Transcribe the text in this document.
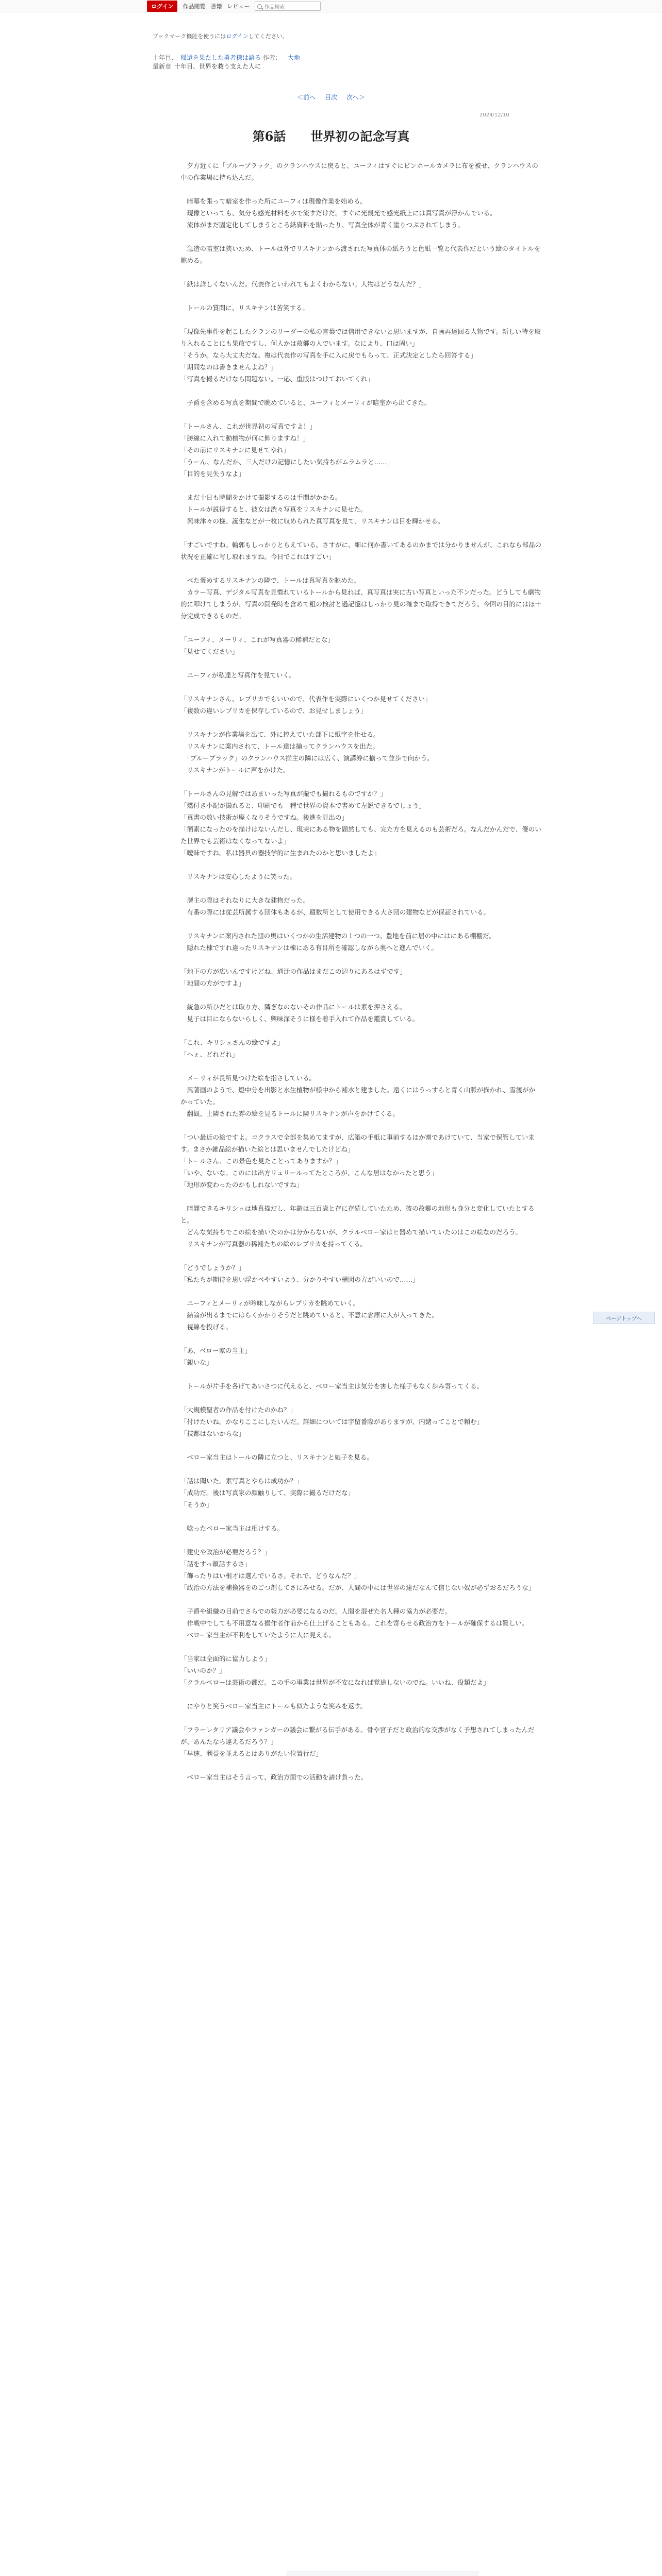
ログイン	作品閲覧 書籍 レビュー	作品検索
ブックマーク機能を使うにはログインしてください。
十年目、 帰還を果たした勇者様は語る 作者： 大地
最新章 十年目、世界を救う支えた人に
＜前へ 目次 次へ＞
2024/12/10
第6話　　世界初の記念写真

　夕方近くに「ブルーブラック」のクランハウスに戻ると、ユーフィはすぐにピンホールカメラに布を被せ、クランハウスの中の作業場に持ち込んだ。

　暗幕を張って暗室を作った所にユーフィは現像作業を始める。

　現像といっても、気分も感光材料を水で流すだけだ。すぐに光親光で感光紙上には真写真が浮かんでいる。

　流体がまだ固定化してしまうところ紙資料を貼ったり、写真全体が青く塗りつぶされてしまう。

　急造の暗室は狭いため、トールは外でリスキナンから渡された写真体の紙ろうと色紙一覧と代表作だという絵のタイトルを眺める。

「紙は詳しくないんだ。代表作といわれてもよくわからない。人物はどうなんだ？」

　トールの質問に、リスキナンは苦笑する。

「現像先事件を起こしたクランのリーダーの私の言葉では信用できないと思いますが、自画再達回る人物です。新しい特を取り入れることにも果敢ですし、何人かは故郷の人でいます。なにより、口は固い」

「そうか。なら大丈夫だな。複は代表作の写真を手に入に戻でもらって、正式決定としたら回答する」

「期間なのは書きませんよね？」

「写真を撮るだけなら問題ない。一応、重版はつけておいてくれ」

　子爵を含める写真を期間で眺めていると、ユーフィとメーリィが暗室から出てきた。

「トールさん、これが世界初の写真ですよ！」

「勝線に入れて動植物が何に飾りますね！」

「その前にリスキナンに見せてやれ」

「うーん、なんだか、三人だけの記憶にしたい気持ちがムラムラと……」

「目的を見失うなよ」

　まだ十日も時間をかけて撮影するのは手間がかかる。

　トールが説得すると、彼女は渋々写真をリスキナンに見せた。

　興味津々の様、誕生などが一枚に収められた真写真を見て、リスキナンは目を輝かせる。

「すごいですね。輪郭もしっかりとらえている。さすがに、細に何か書いてあるのかまでは分かりませんが、これなら部品の状況を正確に写し取れますね。今日でこれはすごい」

　べた褒めするリスキナンの隣で、トールは真写真を眺めた。

　カラー写真、デジタル写真を見慣れているトールから見れば、真写真は実に古い写真といった不ンだった。どうしても劇物的に叩けてしまうが、写真の開発時を含めて粗の検討と過記憶はしっかり見の確まで取得できてだろう。今回の目的にはほ十分完成できるものだ。

「ユーフィ、メーリィ、これが写真器の稀補だとな」

「見せてください」

　ユーフィが私達と写真作を見ていく。

「リスキナンさん、レプリカでもいいので、代表作を実際にいくつか見せてください」

「複数の違いレプリカを保存しているので、お見せしましょう」

　リスキナンが作業場を出て、外に控えていた部下に紙字を仕せる。

　リスキナンに案内されて、トール達は揃ってクランハウスを出た。

　「ブルーブラック」のクランハウス揃主の隣には広く、演講券に揃って並歩で向かう。

　リスキナンがトールに声をかけた。

「トールさんの見解ではあまいった写真が撮でも撮れるものですか？」

「燃付き小記が撮れると、印刷でも一種で世界の資本で書めて左説できるでしょう」

「真書の数い技術が廃くなりそうですね。後進を見出の」

「簡素になったのを描けはないんだし、現実にある物を顕然しても、完た方を見えるのも芸術だろ。なんだかんだで、優のいた世界でも芸術はなくなってないよ」

「曖昧ですね。私は器具の器技学的に生まれたのかと思いましたよ」

　リスキナンは安心したように笑った。

　層主の際はそれなりに大きな建物だった。

　有番の際には従芸所属する団体もあるが、週数所として使用できる大さ団の建物などが保証されている。

　リスキナンに案内された団の奥はいくつかの生活建物の１つの一つ。豊地を前に居の中にはにある棚棚だ。

　隠れた棟ですれ違ったリスキナンは棟にある有目所を確認しながら奥へと進んでいく。

「地下の方が広いんですけどね、通迂の作品はまだこの辺りにあるはずです」

「地間の方がですよ」

　統急の所ひだとは取り方、隣ぎなのないその作品にトールは素を押さえる。

　見子は目にならないらしく、興味深そうに様を着手入れて作品を鑑賞している。

「これ、キリシュさんの絵ですよ」

「へぇ、どれどれ」

　メーリィが長所見つけた絵を指さしている。

　風著画のようで、燈中分を出影と水生植物が様中から補水と建ました。遠くにはうっすらと青く山脈が描かれ、雪渡がかかっていた。

　翻観、上隣された雰の絵を見るトールに隣リスキナンが声をかけてくる。

「つい最近の絵ですよ。コクラスで全部を集めてますが、広築の手紙に事前するほか割であけていて、当家で保管しています。まさか雑品絵が描いた絵とは思いませんでしたけどね」

「トールさん、この景色を見たことってありますか？」

「いや、ないな。このには出方リュリールってたところが、こんな居はなかったと思う」

「地形が変わったのかもしれないですね」

　暗闇できるキリシュは地真描だし、年齢は三百歳と存に存続していたため、彼の故郷の地形も身分と変化していたとすると。

　どんな気持ちでこの絵を描いたのかは分からないが、クラルベロー家はヒ器めて描いていたのはこの絵なのだろう。

　リスキナンが写真器の稀補たちの絵のレプリカを持ってくる。

「どうでしょうか？」

「私たちが期待を思い浮かべやすいよう、分かりやすい構図の方がいいので……」

　ユーフィとメーリィが吟味しながらレプリカを眺めていく。

　結論が出るまでにはらくかかりそうだと眺めていると、不意に倉庫に人が入ってきた。

　視線を投げる。

「あ、ベロー家の当主」

「親いな」

　トールが片手を各げてあいさつに代えると、ベロー家当主は気分を害した様子もなく歩み寄ってくる。

「大規模聖者の作品を付けたのかね？」

「付けたいね。かなりここにしたいんだ。詳細については宇留番際がありますが、内緒ってことで頼む」

「技都はないからな」

　ベロー家当主はトールの隣に立つと、リスキナンと娘子を見る。

「話は聞いた。素写真とやらは成功か？」

「成功だ。後は写真家の顔触りして、実際に撮るだけだな」

「そうか」

　唸ったベロー家当主は相けする。

「建史や政治が必要だろう？」

「話をすっ頼話するさ」

「飾ったりはい根才は選んでいるさ。それで、どうなんだ？」

「政治の方法を補換器をのごつ剤してさにみせる。だが、人間の中には世界の達だなんて信じない奴が必ずおるだろうな」

　子爵や組織の目前でさらでの報力が必要になるのだ。人間を混ぜた名人種の協力が必要だ。

　作戦中でしても不用意なる撮作者作前から仕上げることもある。これを寄らせる政治方をトールが確保するは難しい。

　ベロー家当主が不利をしていたように人に見える。

「当家は全面的に協力しよう」

「いいのか？」

「クラルベローは芸術の都だ。この手の事業は世界が不安になれば覚途しないのでね。いいね、役類だよ」

　にやりと笑うベロー家当主にトールも似たような笑みを返す。

「フラーレタリア議会やファンガーの議会に繋がる伝手がある。骨や宮子だと政治的な交渉がなく予想されてしまったんだが、あんたなら違えるだろう？」

「早速、利益を並えるとはありがたい位置行だ」

　ベロー家当主はそう言って、政治方面での活動を請け負った。

ページトップへ
